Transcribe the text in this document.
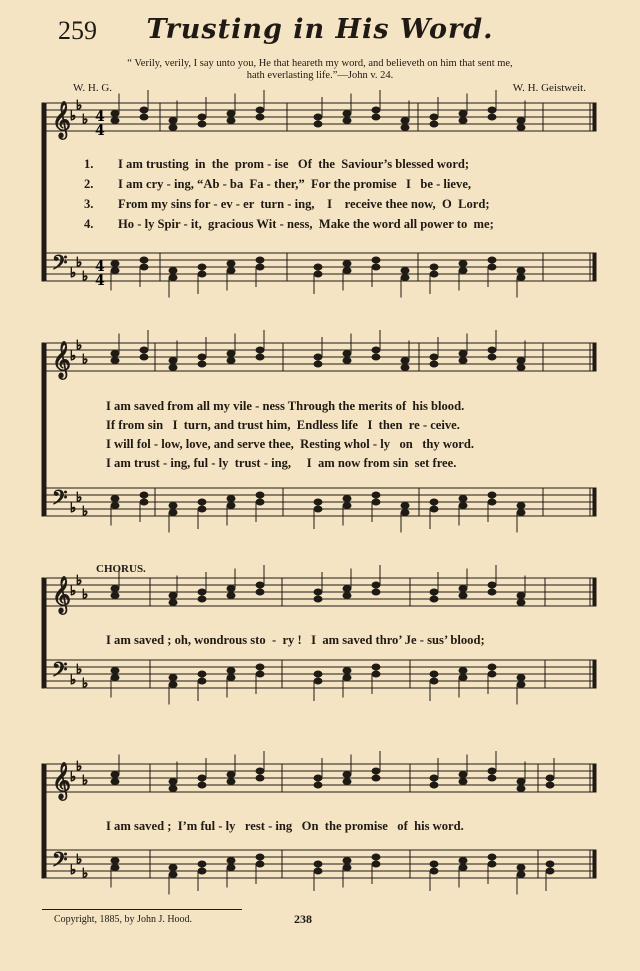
259	Trusting in His Word.
“ Verily, verily, I say unto you, He that heareth my word, and believeth on him that sent me,
hath everlasting life.”—John v. 24.
W. H. G.	W. H. Geistweit.
♭
♭
♭
𝄞
♭
♭
♭
𝄢
♭
♭
♭
𝄞
♭
♭
♭
𝄢
♭
♭
♭
𝄞
♭
♭
♭
𝄢
♭
♭
♭
𝄞
♭
♭
♭
𝄢
4
4
4
4
1. I am trusting  in  the  prom - ise   Of  the  Saviour’s blessed word;
2. I am cry - ing, “Ab - ba  Fa - ther,”  For the promise   I   be - lieve,
3. From my sins for - ev - er  turn - ing,    I    receive thee now,  O  Lord;
4. Ho - ly Spir - it,  gracious Wit - ness,  Make the word all power to  me;
I am saved from all my vile - ness Through the merits of  his blood.
If from sin   I  turn, and trust him,  Endless life   I  then  re - ceive.
I will fol - low, love, and serve thee,  Resting whol - ly   on   thy word.
I am trust - ing, ful - ly  trust - ing,     I  am now from sin  set free.
CHORUS.
I am saved ; oh, wondrous sto  -  ry !   I  am saved thro’ Je - sus’ blood;
I am saved ;  I’m ful - ly   rest - ing   On  the promise   of  his word.
Copyright, 1885, by John J. Hood.	238
